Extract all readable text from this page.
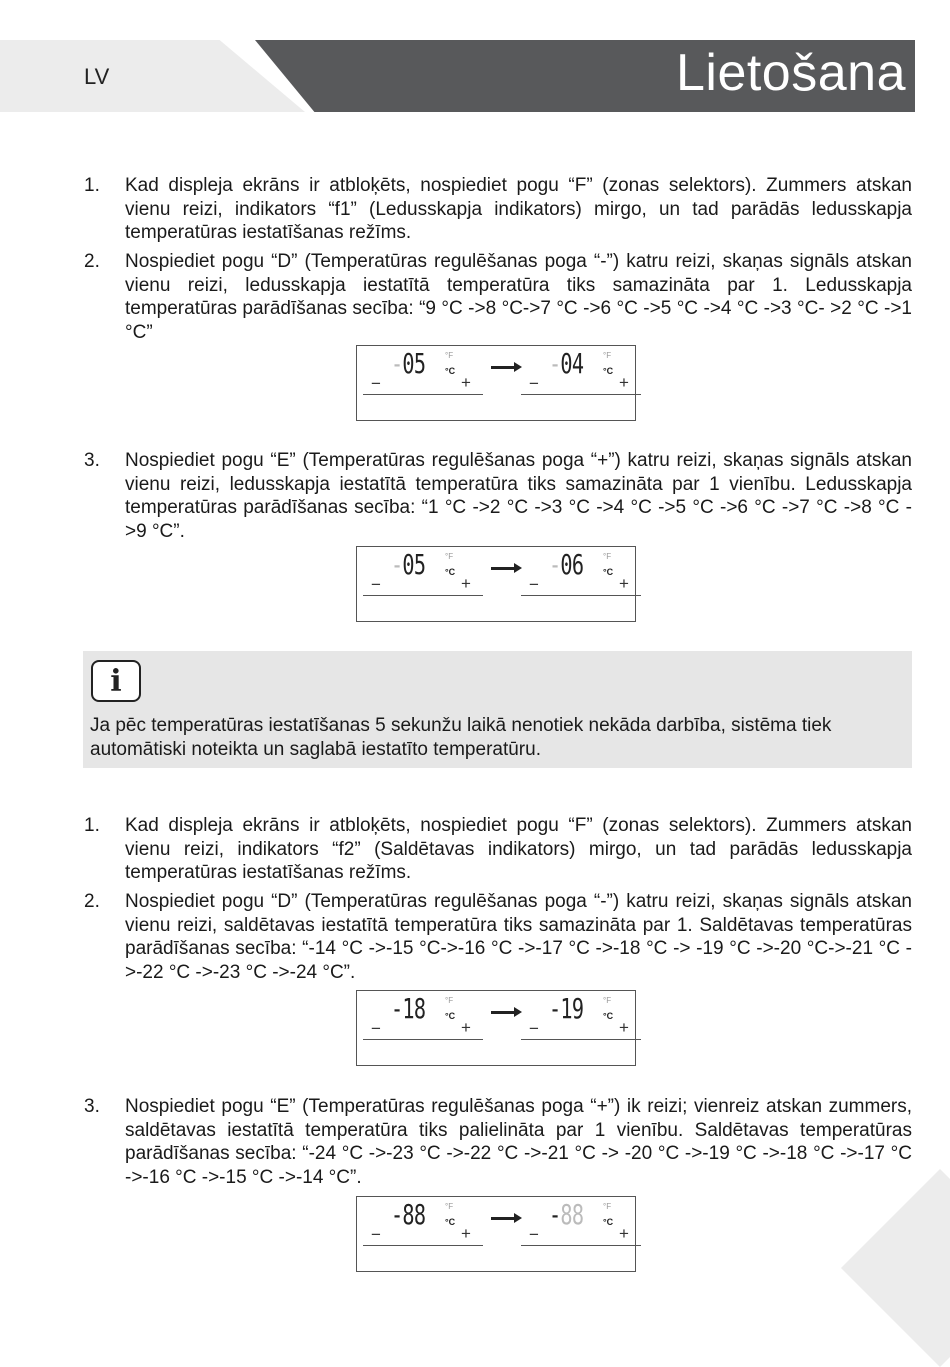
LV	Lietošana
1. Kad displeja ekrāns ir atbloķēts, nospiediet pogu “F” (zonas selektors). Zummers atskan vienu reizi, indikators “f1” (Ledusskapja indikators) mirgo, un tad parādās ledusskapja temperatūras iestatīšanas režīms.
2. Nospiediet pogu “D” (Temperatūras regulēšanas poga “-”) katru reizi, skaņas signāls atskan vienu reizi, ledusskapja iestatītā temperatūra tiks samazināta par 1. Ledusskapja temperatūras parādīšanas secība: “9 °C ->8 °C->7 °C ->6 °C ->5 °C ->4 °C ->3 °C- >2 °C ->1 °C”
-05 °F
°C
−	+
-04 °F
°C
−	+
3. Nospiediet pogu “E” (Temperatūras regulēšanas poga “+”) katru reizi, skaņas signāls atskan vienu reizi, ledusskapja iestatītā temperatūra tiks samazināta par 1 vienību. Ledusskapja temperatūras parādīšanas secība: “1 °C ->2 °C ->3 °C ->4 °C ->5 °C ->6 °C ->7 °C ->8 °C ->9 °C”.
-05 °F
°C
−	+
-06 °F
°C
−	+
i
Ja pēc temperatūras iestatīšanas 5 sekunžu laikā nenotiek nekāda darbība, sistēma tiek automātiski noteikta un saglabā iestatīto temperatūru.
1. Kad displeja ekrāns ir atbloķēts, nospiediet pogu “F” (zonas selektors). Zummers atskan vienu reizi, indikators “f2” (Saldētavas indikators) mirgo, un tad parādās ledusskapja temperatūras iestatīšanas režīms.
2. Nospiediet pogu “D” (Temperatūras regulēšanas poga “-”) katru reizi, skaņas signāls atskan vienu reizi, saldētavas iestatītā temperatūra tiks samazināta par 1. Saldētavas temperatūras parādīšanas secība: “-14 °C ->-15 °C->-16 °C ->-17 °C ->-18 °C -> -19 °C ->-20 °C->-21 °C ->-22 °C ->-23 °C ->-24 °C”.
-18 °F
°C
−	+
-19 °F
°C
−	+
3. Nospiediet pogu “E” (Temperatūras regulēšanas poga “+”) ik reizi; vienreiz atskan zummers, saldētavas iestatītā temperatūra tiks palielināta par 1 vienību. Saldētavas temperatūras parādīšanas secība: “-24 °C ->-23 °C ->-22 °C ->-21 °C -> -20 °C ->-19 °C ->-18 °C ->-17 °C ->-16 °C ->-15 °C ->-14 °C”.
-88 °F
°C
−	+
-88 °F
°C
−	+
